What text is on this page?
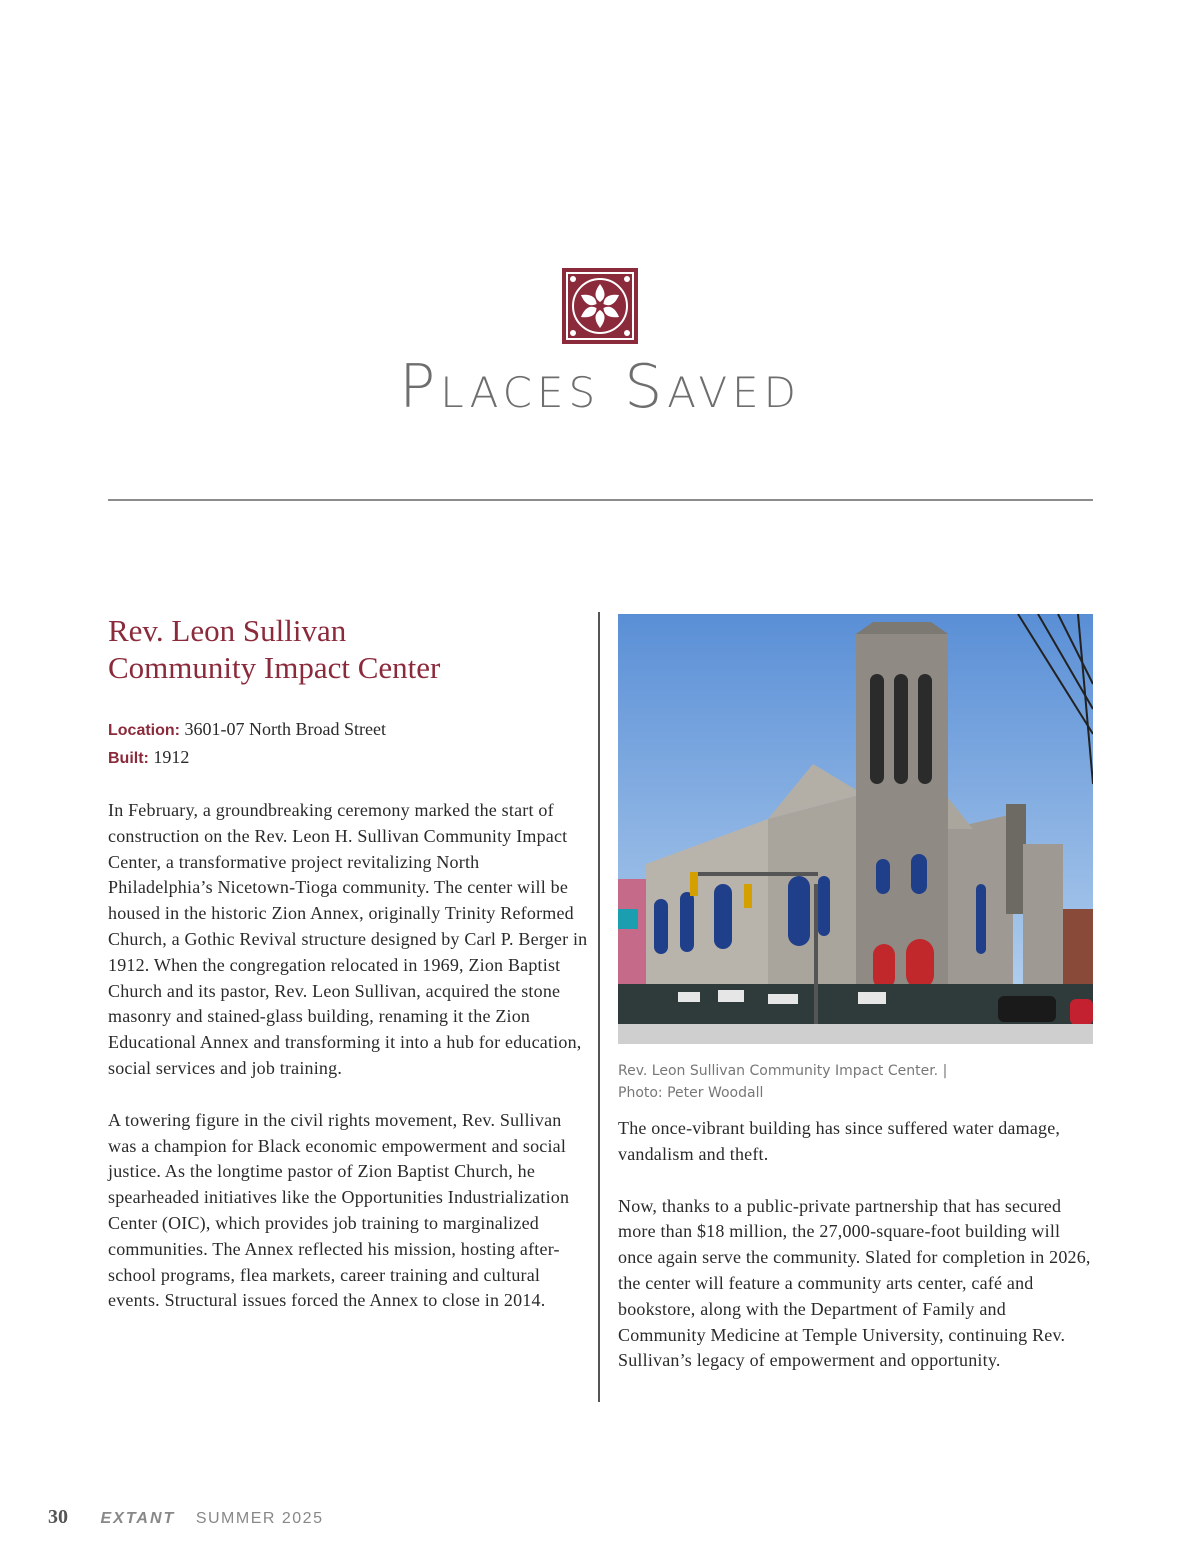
Places Saved
Rev. Leon Sullivan
Community Impact Center

Location: 3601-07 North Broad Street

Built: 1912

In February, a groundbreaking ceremony marked the start of construction on the Rev. Leon H. Sullivan Community Impact Center, a transformative project revitalizing North Philadelphia’s Nicetown-Tioga community. The center will be housed in the historic Zion Annex, originally Trinity Reformed Church, a Gothic Revival structure designed by Carl P. Berger in 1912. When the congregation relocated in 1969, Zion Baptist Church and its pastor, Rev. Leon Sullivan, acquired the stone masonry and stained-glass building, renaming it the Zion Educational Annex and transforming it into a hub for education, social services and job training.

A towering figure in the civil rights movement, Rev. Sullivan was a champion for Black economic empowerment and social justice. As the longtime pastor of Zion Baptist Church, he spearheaded initiatives like the Opportunities Industrialization Center (OIC), which provides job training to marginalized communities. The Annex reflected his mission, hosting after-school programs, flea markets, career training and cultural events. Structural issues forced the Annex to close in 2014.

Rev. Leon Sullivan Community Impact Center. |
Photo: Peter Woodall

The once-vibrant building has since suffered water damage, vandalism and theft.

Now, thanks to a public-private partnership that has secured more than $18 million, the 27,000-square-foot building will once again serve the community. Slated for completion in 2026, the center will feature a community arts center, café and bookstore, along with the Department of Family and Community Medicine at Temple University, continuing Rev. Sullivan’s legacy of empowerment and opportunity.

30 EXTANT SUMMER 2025
